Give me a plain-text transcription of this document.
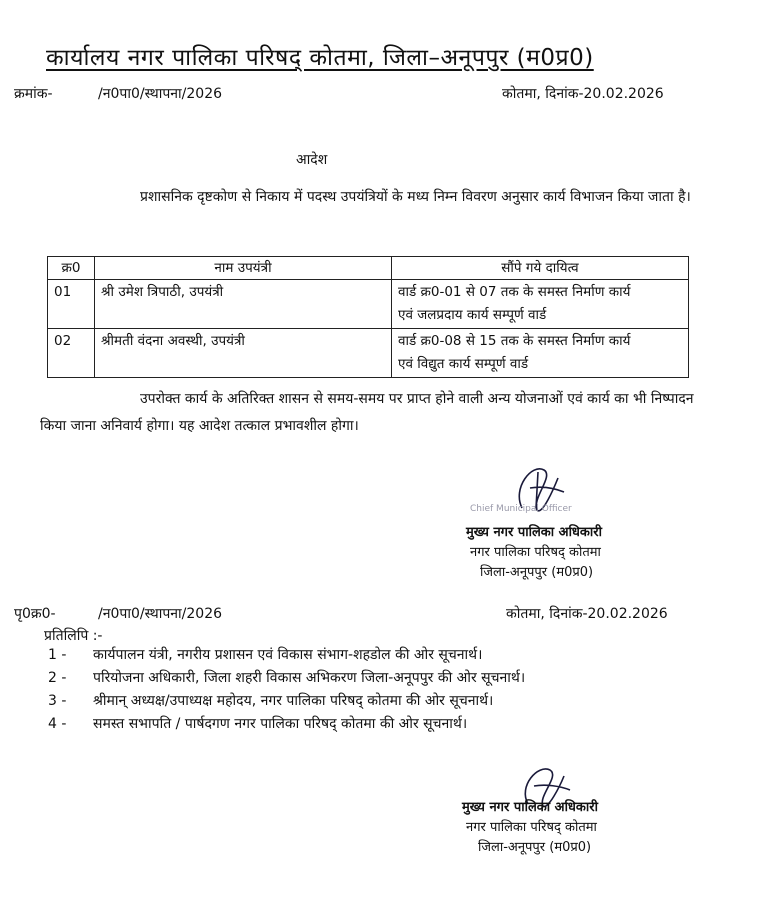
कार्यालय नगर पालिका परिषद् कोतमा, जिला–अनूपपुर (म0प्र0)
क्रमांक-	/न0पा0/स्थापना/2026	कोतमा, दिनांक-20.02.2026
आदेश
प्रशासनिक दृष्टकोण से निकाय में पदस्थ उपयंत्रियों के मध्य निम्न विवरण अनुसार कार्य विभाजन किया जाता है।
क्र0	नाम उपयंत्री	सौंपे गये दायित्व
01	श्री उमेश त्रिपाठी, उपयंत्री	वार्ड क्र0-01 से 07 तक के समस्त निर्माण कार्य
एवं जलप्रदाय कार्य सम्पूर्ण वार्ड

02	श्रीमती वंदना अवस्थी, उपयंत्री	वार्ड क्र0-08 से 15 तक के समस्त निर्माण कार्य
एवं विद्युत कार्य सम्पूर्ण वार्ड
उपरोक्त कार्य के अतिरिक्त शासन से समय-समय पर प्राप्त होने वाली अन्य योजनाओं एवं कार्य का भी निष्पादन किया जाना अनिवार्य होगा। यह आदेश तत्काल प्रभावशील होगा।
Chief Municipal Officer
मुख्य नगर पालिका अधिकारी
नगर पालिका परिषद् कोतमा
जिला-अनूपपुर (म0प्र0)
पृ0क्र0-	/न0पा0/स्थापना/2026	कोतमा, दिनांक-20.02.2026
प्रतिलिपि :-
1 - कार्यपालन यंत्री, नगरीय प्रशासन एवं विकास संभाग-शहडोल की ओर सूचनार्थ।
2 - परियोजना अधिकारी, जिला शहरी विकास अभिकरण जिला-अनूपपुर की ओर सूचनार्थ।
3 - श्रीमान् अध्यक्ष/उपाध्यक्ष महोदय, नगर पालिका परिषद् कोतमा की ओर सूचनार्थ।
4 - समस्त सभापति / पार्षदगण नगर पालिका परिषद् कोतमा की ओर सूचनार्थ।
मुख्य नगर पालिका अधिकारी
नगर पालिका परिषद् कोतमा
जिला-अनूपपुर (म0प्र0)
